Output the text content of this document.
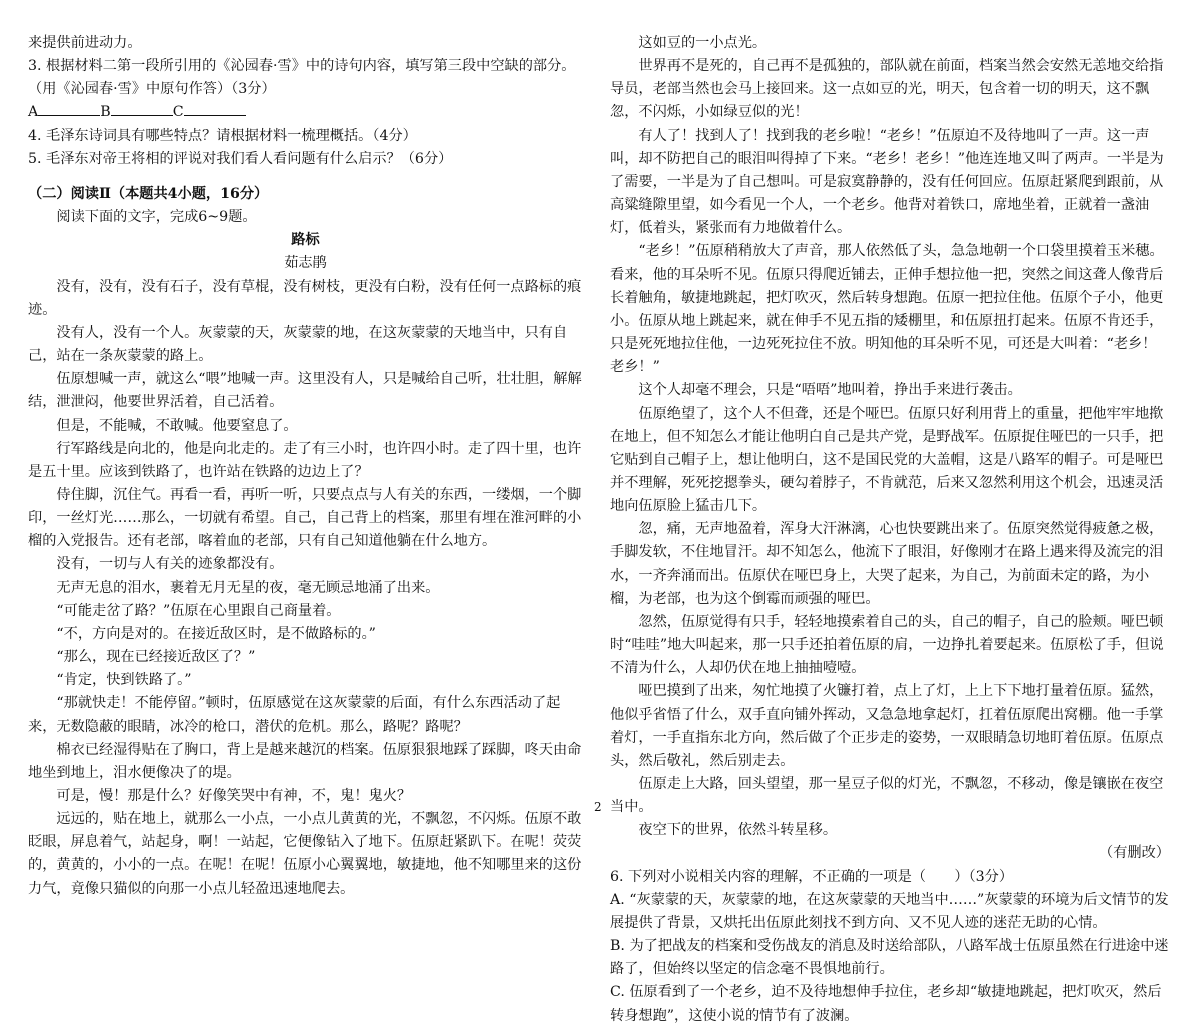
来提供前进动力。

3. 根据材料二第一段所引用的《沁园春·雪》中的诗句内容，填写第三段中空缺的部分。（用《沁园春·雪》中原句作答）（3分）

A	B	C

4. 毛泽东诗词具有哪些特点？请根据材料一梳理概括。（4分）

5. 毛泽东对帝王将相的评说对我们看人看问题有什么启示？（6分）

（二）阅读Ⅱ（本题共4小题，16分）

阅读下面的文字，完成6~9题。

路标

茹志鹃

没有，没有，没有石子，没有草棍，没有树枝，更没有白粉，没有任何一点路标的痕迹。

没有人，没有一个人。灰蒙蒙的天，灰蒙蒙的地，在这灰蒙蒙的天地当中，只有自己，站在一条灰蒙蒙的路上。

伍原想喊一声，就这么“喂”地喊一声。这里没有人，只是喊给自己听，壮壮胆，解解结，泄泄闷，他要世界活着，自己活着。

但是，不能喊，不敢喊。他要窒息了。

行军路线是向北的，他是向北走的。走了有三小时，也许四小时。走了四十里，也许是五十里。应该到铁路了，也许站在铁路的边边上了？

侍住脚，沉住气。再看一看，再听一听，只要点点与人有关的东西，一缕烟，一个脚印，一丝灯光……那么，一切就有希望。自己，自己背上的档案，那里有埋在淮河畔的小榴的入党报告。还有老部，喀着血的老部，只有自己知道他躺在什么地方。

没有，一切与人有关的迹象都没有。

无声无息的泪水，裹着无月无星的夜，毫无顾忌地涌了出来。

“可能走岔了路？”伍原在心里跟自己商量着。

“不，方向是对的。在接近敌区时，是不做路标的。”

“那么，现在已经接近敌区了？”

“肯定，快到铁路了。”

“那就快走！不能停留。”顿时，伍原感觉在这灰蒙蒙的后面，有什么东西活动了起来，无数隐蔽的眼睛，冰冷的枪口，潜伏的危机。那么，路呢？路呢？

棉衣已经湿得贴在了胸口，背上是越来越沉的档案。伍原狠狠地踩了踩脚，咚天由命地坐到地上，泪水便像决了的堤。

可是，慢！那是什么？好像笑哭中有神，不，鬼！鬼火？

远远的，贴在地上，就那么一小点，一小点儿黄黄的光，不飘忽，不闪烁。伍原不敢眨眼，屏息着气，站起身，啊！一站起，它便像钻入了地下。伍原赶紧趴下。在呢！荧荧的，黄黄的，小小的一点。在呢！在呢！伍原小心翼翼地，敏捷地，他不知哪里来的这份力气，竟像只猫似的向那一小点儿轻盈迅速地爬去。

这如豆的一小点光。

世界再不是死的，自己再不是孤独的，部队就在前面，档案当然会安然无恙地交给指导员，老部当然也会马上接回来。这一点如豆的光，明天，包含着一切的明天，这不飘忽，不闪烁，小如绿豆似的光！

有人了！找到人了！找到我的老乡啦！“老乡！”伍原迫不及待地叫了一声。这一声叫，却不防把自己的眼泪叫得掉了下来。“老乡！老乡！”他连连地又叫了两声。一半是为了需要，一半是为了自己想叫。可是寂寞静静的，没有任何回应。伍原赶紧爬到跟前，从高粱缝隙里望，如今看见一个人，一个老乡。他背对着铁口，席地坐着，正就着一盏油灯，低着头，紧张而有力地做着什么。

“老乡！”伍原稍稍放大了声音，那人依然低了头，急急地朝一个口袋里摸着玉米穗。看来，他的耳朵听不见。伍原只得爬近铺去，正伸手想拉他一把，突然之间这聋人像背后长着触角，敏捷地跳起，把灯吹灭，然后转身想跑。伍原一把拉住他。伍原个子小，他更小。伍原从地上跳起来，就在伸手不见五指的矮棚里，和伍原扭打起来。伍原不肯还手，只是死死地拉住他，一边死死拉住不放。明知他的耳朵听不见，可还是大叫着：“老乡！老乡！”

这个人却毫不理会，只是“唔唔”地叫着，挣出手来进行袭击。

伍原绝望了，这个人不但聋，还是个哑巴。伍原只好利用背上的重量，把他牢牢地揿在地上，但不知怎么才能让他明白自己是共产党，是野战军。伍原捉住哑巴的一只手，把它贴到自己帽子上，想让他明白，这不是国民党的大盖帽，这是八路军的帽子。可是哑巴并不理解，死死挖摁拳头，硬勾着脖子，不肯就范，后来又忽然利用这个机会，迅速灵活地向伍原脸上猛击几下。

忽，痛，无声地盈着，浑身大汗淋漓，心也快要跳出来了。伍原突然觉得疲惫之极，手脚发软，不住地冒汗。却不知怎么，他流下了眼泪，好像刚才在路上遇来得及流完的泪水，一齐奔涌而出。伍原伏在哑巴身上，大哭了起来，为自己，为前面未定的路，为小榴，为老部，也为这个倒霉而顽强的哑巴。

忽然，伍原觉得有只手，轻轻地摸索着自己的头，自己的帽子，自己的脸颊。哑巴顿时“哇哇”地大叫起来，那一只手还拍着伍原的肩，一边挣扎着要起来。伍原松了手，但说不清为什么，人却仍伏在地上抽抽噎噎。

哑巴摸到了出来，匆忙地摸了火镰打着，点上了灯，上上下下地打量着伍原。猛然，他似乎省悟了什么，双手直向铺外挥动，又急急地拿起灯，扛着伍原爬出窝棚。他一手掌着灯，一手直指东北方向，然后做了个正步走的姿势，一双眼睛急切地盯着伍原。伍原点头，然后敬礼，然后别走去。

伍原走上大路，回头望望，那一星豆子似的灯光，不飘忽，不移动，像是镶嵌在夜空当中。

夜空下的世界，依然斗转星移。

（有删改）

6. 下列对小说相关内容的理解，不正确的一项是（　　）（3分）

A. “灰蒙蒙的天，灰蒙蒙的地，在这灰蒙蒙的天地当中……”灰蒙蒙的环境为后文情节的发展提供了背景，又烘托出伍原此刻找不到方向、又不见人迹的迷茫无助的心情。

B. 为了把战友的档案和受伤战友的消息及时送给部队，八路军战士伍原虽然在行进途中迷路了，但始终以坚定的信念毫不畏惧地前行。

C. 伍原看到了一个老乡，迫不及待地想伸手拉住，老乡却“敏捷地跳起，把灯吹灭，然后转身想跑”，这使小说的情节有了波澜。

2
